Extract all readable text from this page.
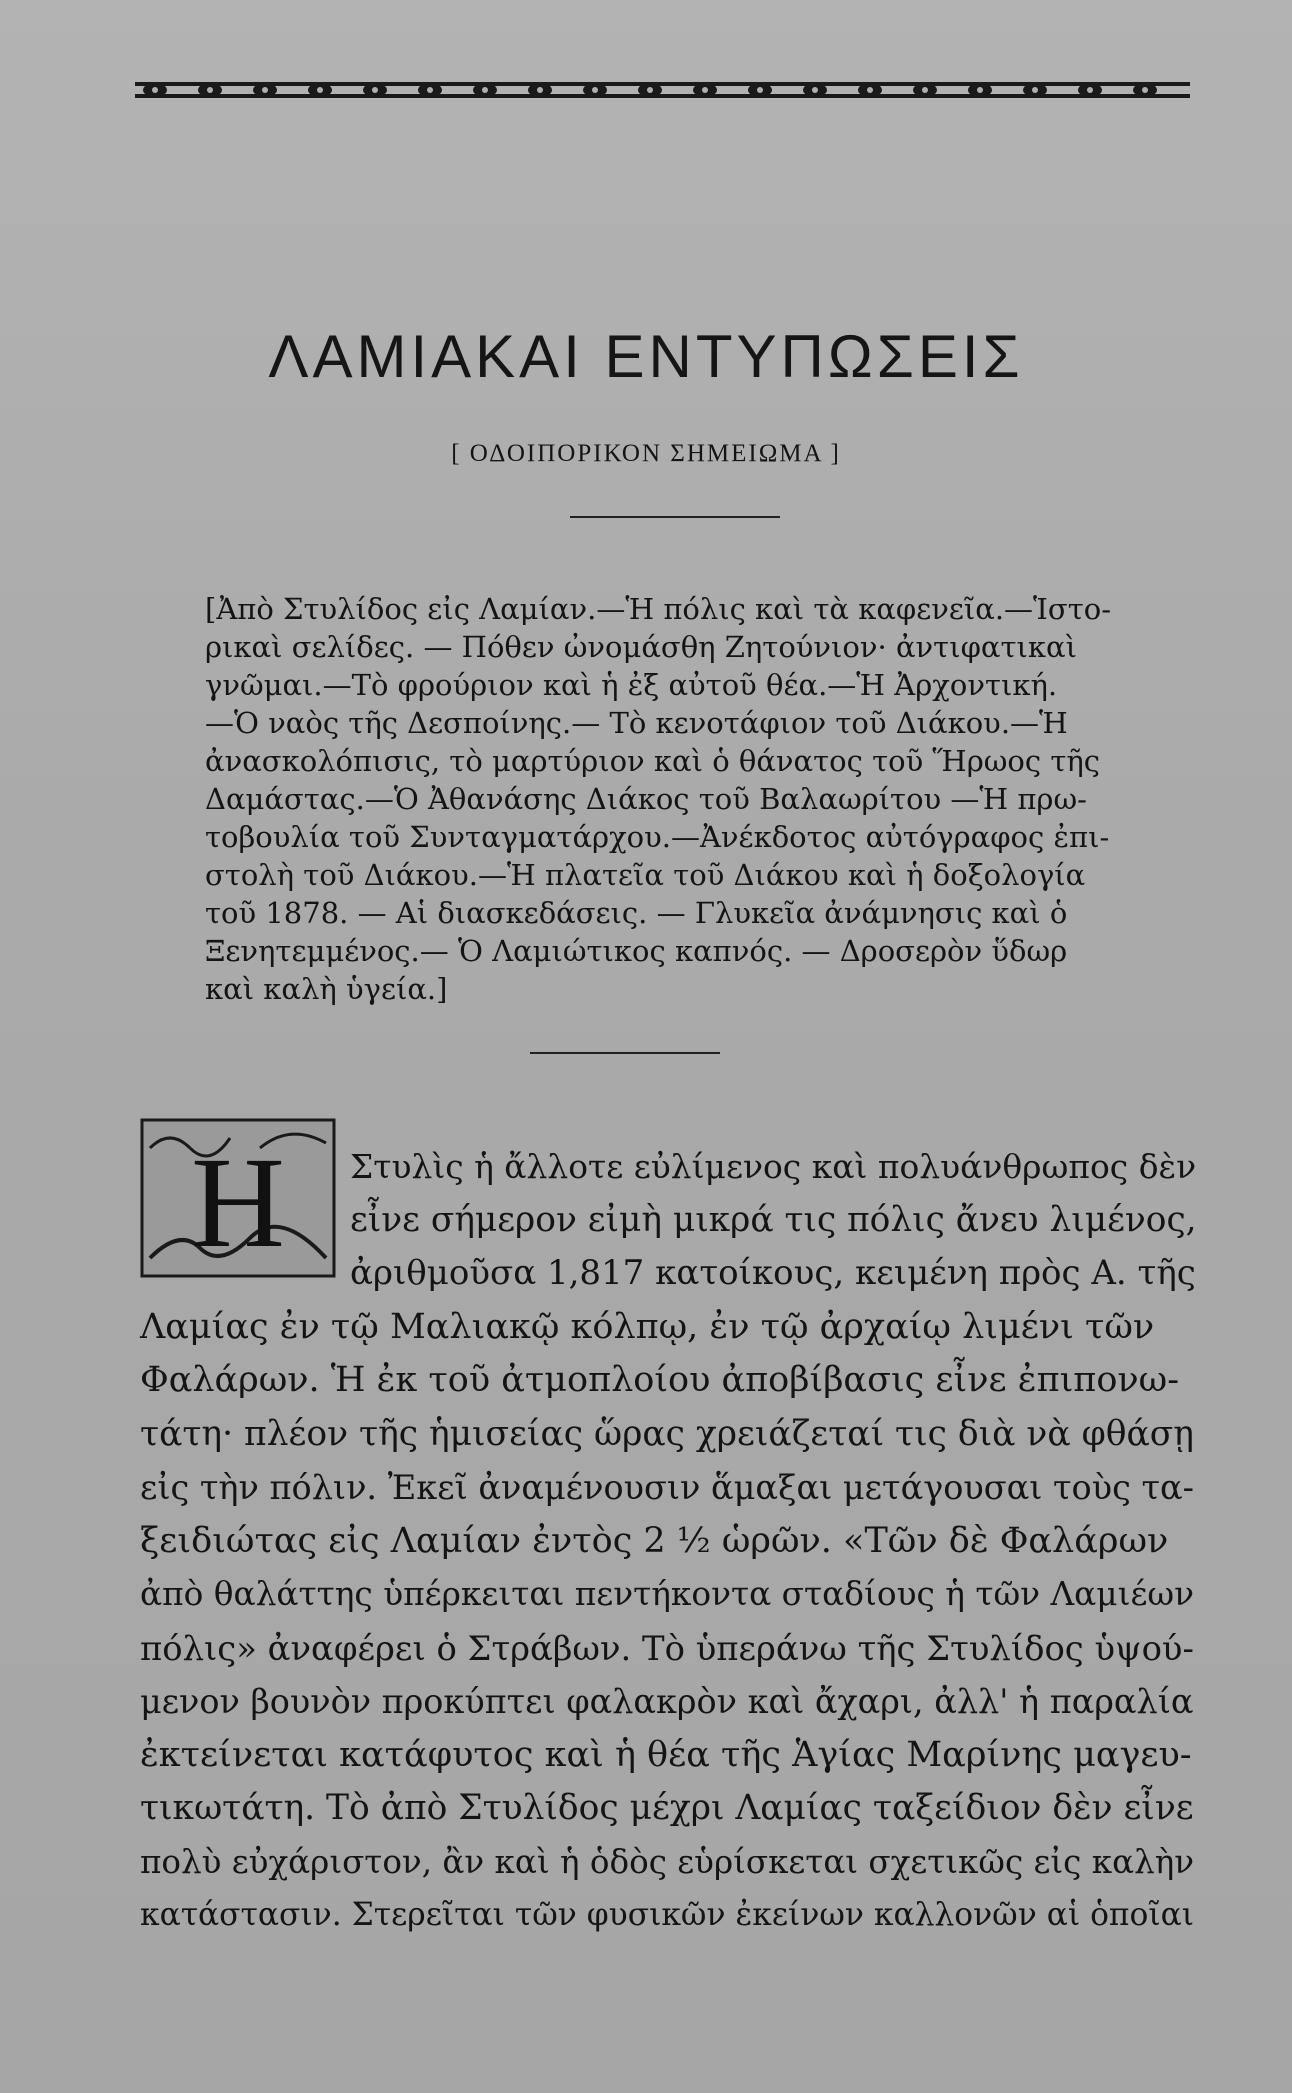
ΛΑΜΙΑΚΑΙ ΕΝΤΥΠΩΣΕΙΣ
[ ΟΔΟΙΠΟΡΙΚΟΝ ΣΗΜΕΙΩΜΑ ]
[Ἀπὸ Στυλίδος εἰς Λαμίαν.—Ἡ πόλις καὶ τὰ καφενεῖα.—Ἱστο-
ρικαὶ σελίδες. — Πόθεν ὠνομάσθη Ζητούνιον· ἀντιφατικαὶ
γνῶμαι.—Τὸ φρούριον καὶ ἡ ἐξ αὐτοῦ θέα.—Ἡ Ἀρχοντική.
—Ὁ ναὸς τῆς Δεσποίνης.— Τὸ κενοτάφιον τοῦ Διάκου.—Ἡ
ἀνασκολόπισις, τὸ μαρτύριον καὶ ὁ θάνατος τοῦ Ἥρωος τῆς
Δαμάστας.—Ὁ Ἀθανάσης Διάκος τοῦ Βαλαωρίτου —Ἡ πρω-
τοβουλία τοῦ Συνταγματάρχου.—Ἀνέκδοτος αὐτόγραφος ἐπι-
στολὴ τοῦ Διάκου.—Ἡ πλατεῖα τοῦ Διάκου καὶ ἡ δοξολογία
τοῦ 1878. — Αἱ διασκεδάσεις. — Γλυκεῖα ἀνάμνησις καὶ ὁ
Ξενητεμμένος.— Ὁ Λαμιώτικος καπνός. — Δροσερὸν ὕδωρ
καὶ καλὴ ὑγεία.]
Η	Στυλὶς ἡ ἄλλοτε εὐλίμενος καὶ πολυάνθρωπος δὲν
εἶνε σήμερον εἰμὴ μικρά τις πόλις ἄνευ λιμένος,
ἀριθμοῦσα 1,817 κατοίκους, κειμένη πρὸς Α. τῆς
Λαμίας ἐν τῷ Μαλιακῷ κόλπῳ, ἐν τῷ ἀρχαίῳ λιμένι τῶν
Φαλάρων. Ἡ ἐκ τοῦ ἀτμοπλοίου ἀποβίβασις εἶνε ἐπιπονω-
τάτη· πλέον τῆς ἡμισείας ὥρας χρειάζεταί τις διὰ νὰ φθάσῃ
εἰς τὴν πόλιν. Ἐκεῖ ἀναμένουσιν ἅμαξαι μετάγουσαι τοὺς τα-
ξειδιώτας εἰς Λαμίαν ἐντὸς 2 ½ ὡρῶν. «Τῶν δὲ Φαλάρων
ἀπὸ θαλάττης ὑπέρκειται πεντήκοντα σταδίους ἡ τῶν Λαμιέων
πόλις» ἀναφέρει ὁ Στράβων. Τὸ ὑπεράνω τῆς Στυλίδος ὑψού-
μενον βουνὸν προκύπτει φαλακρὸν καὶ ἄχαρι, ἀλλ' ἡ παραλία
ἐκτείνεται κατάφυτος καὶ ἡ θέα τῆς Ἁγίας Μαρίνης μαγευ-
τικωτάτη. Τὸ ἀπὸ Στυλίδος μέχρι Λαμίας ταξείδιον δὲν εἶνε
πολὺ εὐχάριστον, ἂν καὶ ἡ ὁδὸς εὑρίσκεται σχετικῶς εἰς καλὴν
κατάστασιν. Στερεῖται τῶν φυσικῶν ἐκείνων καλλονῶν αἱ ὁποῖαι
